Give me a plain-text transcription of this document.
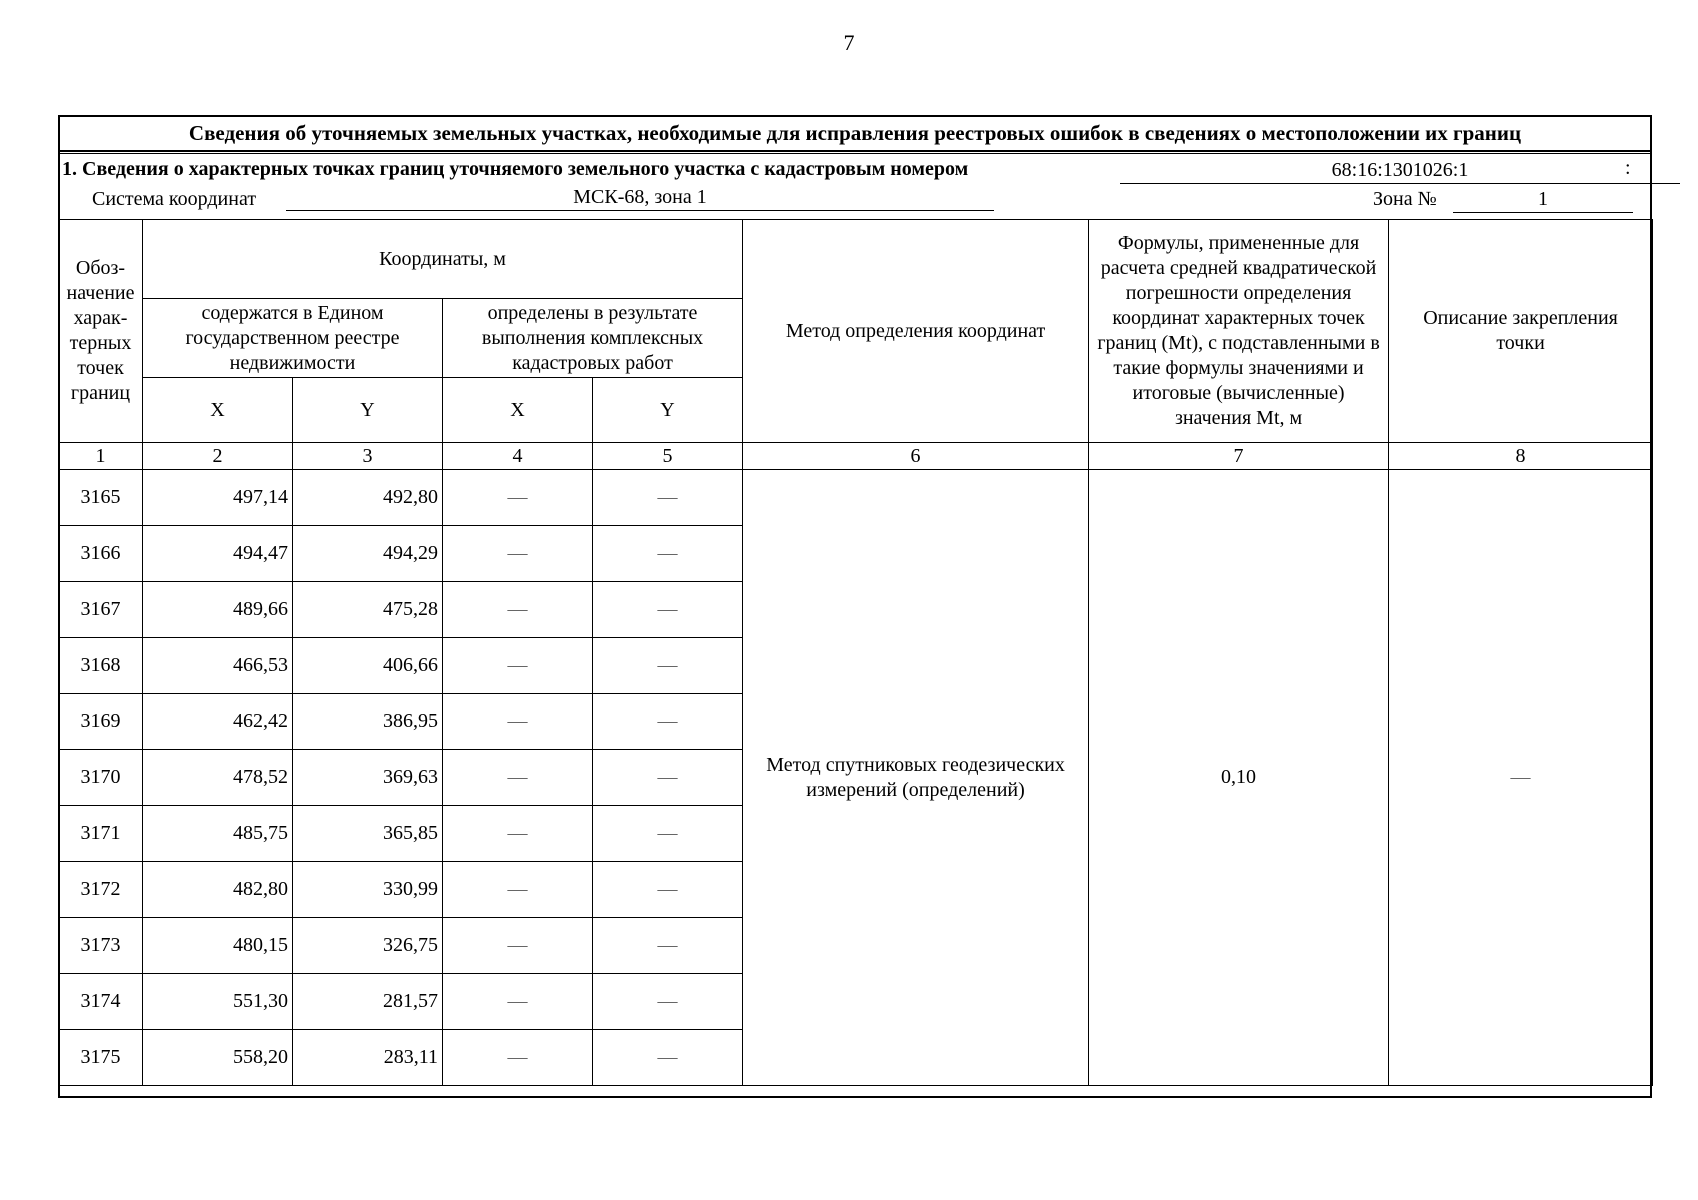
7
Сведения об уточняемых земельных участках, необходимые для исправления реестровых ошибок в сведениях о местоположении их границ
1. Сведения о характерных точках границ уточняемого земельного участка с кадастровым номером	68:16:1301026:1	:
Система координат	МСК-68, зона 1	Зона №	1
Обоз-начение харак-терных точек границ	Координаты, м				Метод определения координат	Формулы, примененные для расчета средней квадратической погрешности определения координат характерных точек границ (Mt), с подставленными в такие формулы значениями и итоговые (вычисленные) значения Mt, м	Описание закрепления точки
	содержатся в Едином государственном реестре недвижимости		определены в результате выполнения комплексных кадастровых работ				
	X	Y	X	Y			
1	2	3	4	5	6	7	8
3165	497,14	492,80	—	—	Метод спутниковых геодезических измерений (определений)	0,10	—
3166	494,47	494,29	—	—			
3167	489,66	475,28	—	—			
3168	466,53	406,66	—	—			
3169	462,42	386,95	—	—			
3170	478,52	369,63	—	—			
3171	485,75	365,85	—	—			
3172	482,80	330,99	—	—			
3173	480,15	326,75	—	—			
3174	551,30	281,57	—	—			
3175	558,20	283,11	—	—			
